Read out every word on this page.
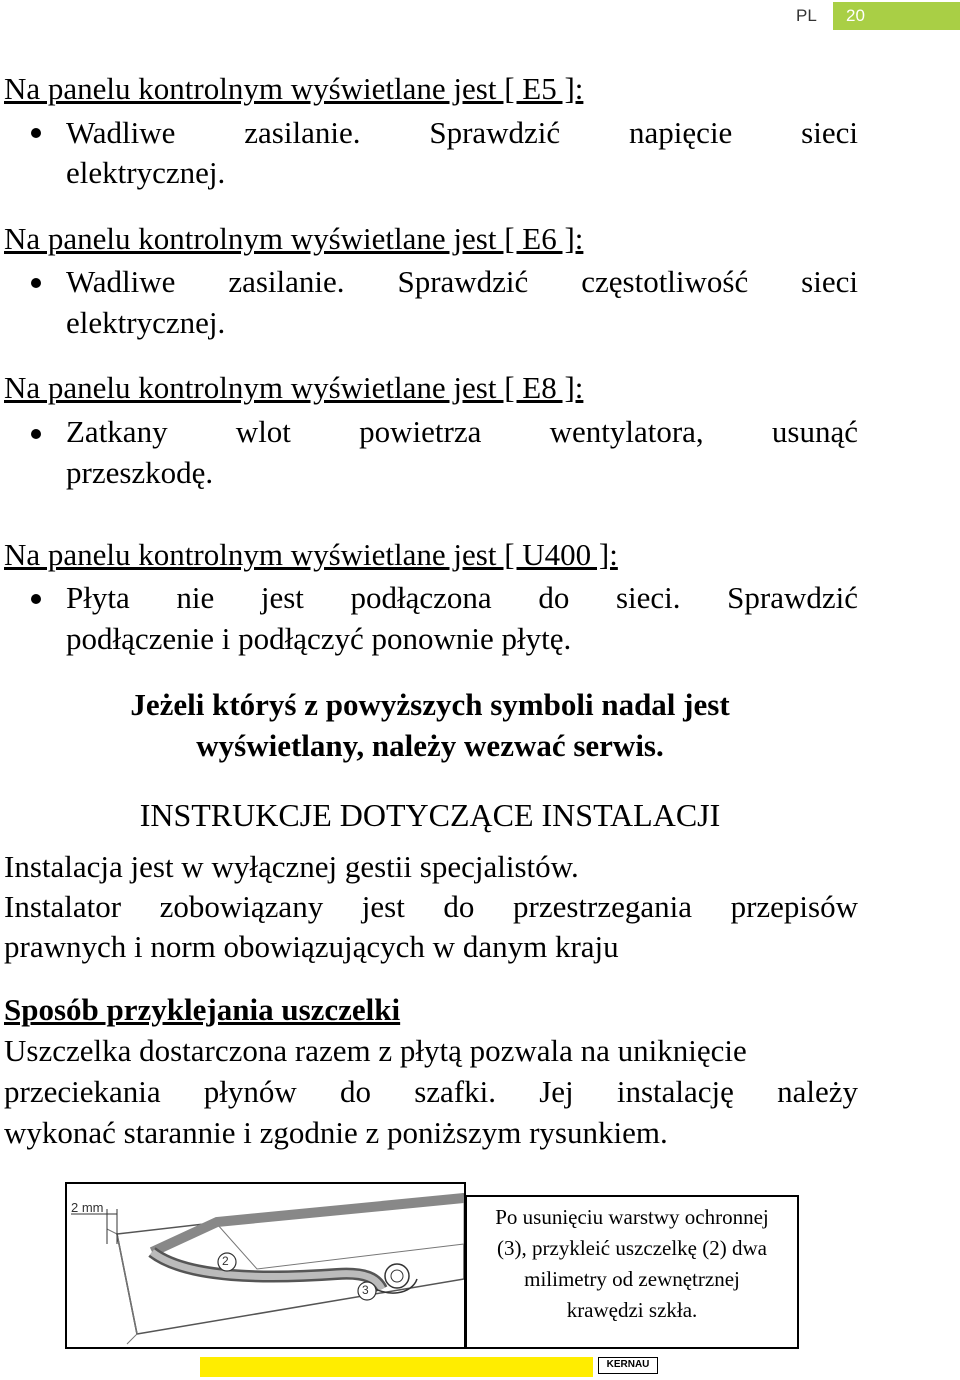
PL 20
Na panelu kontrolnym wyświetlane jest [ E5 ]:
Wadliwe zasilanie. Sprawdzić napięcie sieci
elektrycznej.
Na panelu kontrolnym wyświetlane jest [ E6 ]:
Wadliwe zasilanie. Sprawdzić częstotliwość sieci
elektrycznej.
Na panelu kontrolnym wyświetlane jest [ E8 ]:
Zatkany wlot powietrza wentylatora, usunąć
przeszkodę.
Na panelu kontrolnym wyświetlane jest [ U400 ]:
Płyta nie jest podłączona do sieci. Sprawdzić
podłączenie i podłączyć ponownie płytę.
Jeżeli któryś z powyższych symboli nadal jest
wyświetlany, należy wezwać serwis.
INSTRUKCJE DOTYCZĄCE INSTALACJI
Instalacja jest w wyłącznej gestii specjalistów.
Instalator zobowiązany jest do przestrzegania przepisów
prawnych i norm obowiązujących w danym kraju
Sposób przyklejania uszczelki
Uszczelka dostarczona razem z płytą pozwala na uniknięcie
przeciekania płynów do szafki. Jej instalację należy
wykonać starannie i zgodnie z poniższym rysunkiem.
2 mm
2
3
Po usunięciu warstwy ochronnej
(3), przykleić uszczelkę (2) dwa
milimetry od zewnętrznej
krawędzi szkła.
KERNAU
